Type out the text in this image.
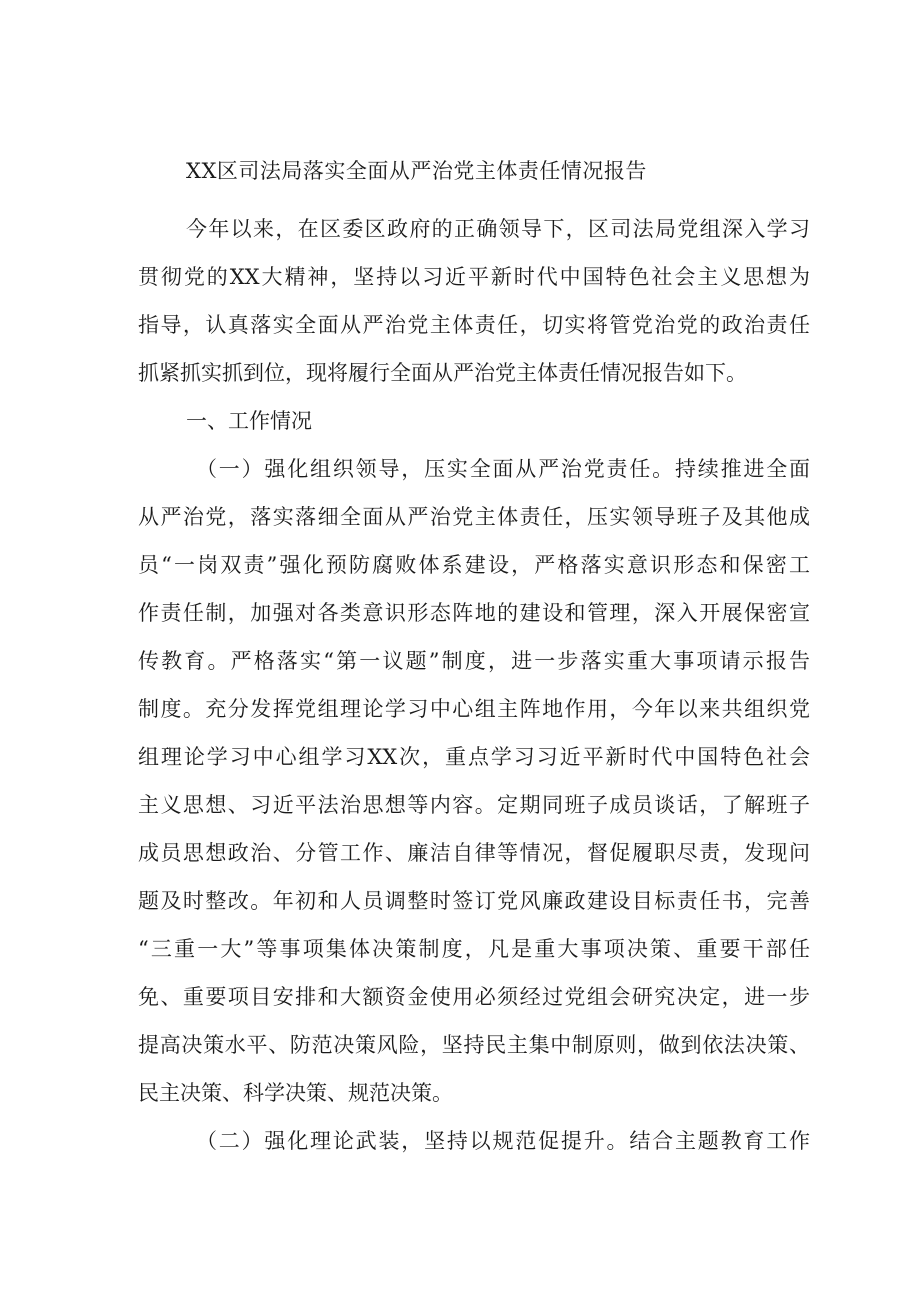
XX区司法局落实全面从严治党主体责任情况报告
今年以来，在区委区政府的正确领导下，区司法局党组深入学习
贯彻党的XX大精神，坚持以习近平新时代中国特色社会主义思想为
指导，认真落实全面从严治党主体责任，切实将管党治党的政治责任
抓紧抓实抓到位，现将履行全面从严治党主体责任情况报告如下。
一、工作情况
（一）强化组织领导，压实全面从严治党责任。持续推进全面
从严治党，落实落细全面从严治党主体责任，压实领导班子及其他成
员“一岗双责”强化预防腐败体系建设，严格落实意识形态和保密工
作责任制，加强对各类意识形态阵地的建设和管理，深入开展保密宣
传教育。严格落实“第一议题”制度，进一步落实重大事项请示报告
制度。充分发挥党组理论学习中心组主阵地作用，今年以来共组织党
组理论学习中心组学习XX次，重点学习习近平新时代中国特色社会
主义思想、习近平法治思想等内容。定期同班子成员谈话，了解班子
成员思想政治、分管工作、廉洁自律等情况，督促履职尽责，发现问
题及时整改。年初和人员调整时签订党风廉政建设目标责任书，完善
“三重一大”等事项集体决策制度，凡是重大事项决策、重要干部任
免、重要项目安排和大额资金使用必须经过党组会研究决定，进一步
提高决策水平、防范决策风险，坚持民主集中制原则，做到依法决策、
民主决策、科学决策、规范决策。
（二）强化理论武装，坚持以规范促提升。结合主题教育工作
